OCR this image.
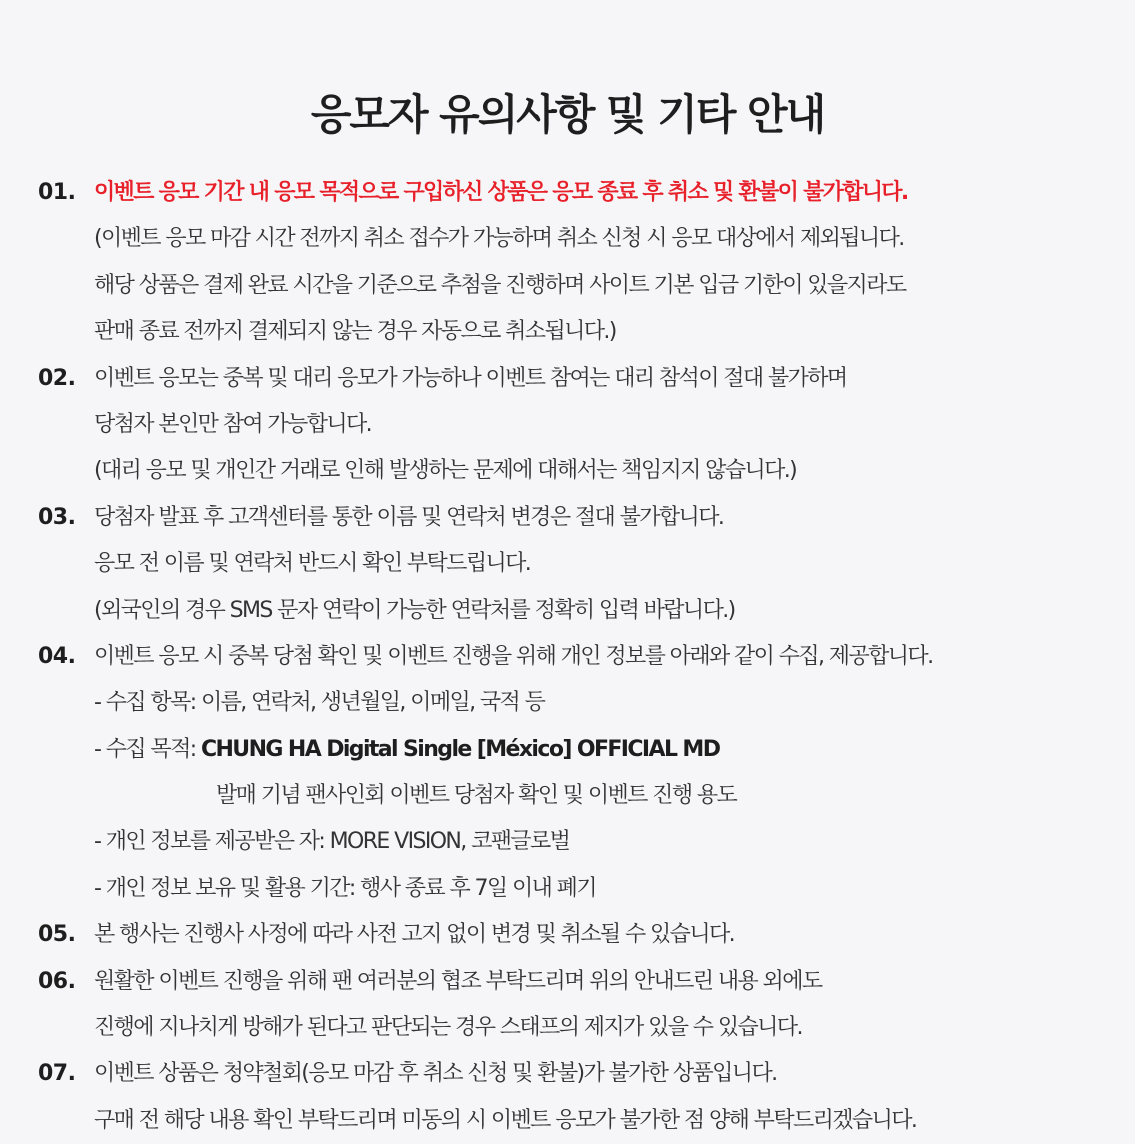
응모자 유의사항 및 기타 안내
01. 이벤트 응모 기간 내 응모 목적으로 구입하신 상품은 응모 종료 후 취소 및 환불이 불가합니다.
(이벤트 응모 마감 시간 전까지 취소 접수가 가능하며 취소 신청 시 응모 대상에서 제외됩니다.
해당 상품은 결제 완료 시간을 기준으로 추첨을 진행하며 사이트 기본 입금 기한이 있을지라도
판매 종료 전까지 결제되지 않는 경우 자동으로 취소됩니다.)
02. 이벤트 응모는 중복 및 대리 응모가 가능하나 이벤트 참여는 대리 참석이 절대 불가하며
당첨자 본인만 참여 가능합니다.
(대리 응모 및 개인간 거래로 인해 발생하는 문제에 대해서는 책임지지 않습니다.)
03. 당첨자 발표 후 고객센터를 통한 이름 및 연락처 변경은 절대 불가합니다.
응모 전 이름 및 연락처 반드시 확인 부탁드립니다.
(외국인의 경우 SMS 문자 연락이 가능한 연락처를 정확히 입력 바랍니다.)
04. 이벤트 응모 시 중복 당첨 확인 및 이벤트 진행을 위해 개인 정보를 아래와 같이 수집, 제공합니다.
- 수집 항목: 이름, 연락처, 생년월일, 이메일, 국적 등
- 수집 목적: CHUNG HA Digital Single [México] OFFICIAL MD
발매 기념 팬사인회 이벤트 당첨자 확인 및 이벤트 진행 용도
- 개인 정보를 제공받은 자: MORE VISION, 코팬글로벌
- 개인 정보 보유 및 활용 기간: 행사 종료 후 7일 이내 폐기
05. 본 행사는 진행사 사정에 따라 사전 고지 없이 변경 및 취소될 수 있습니다.
06. 원활한 이벤트 진행을 위해 팬 여러분의 협조 부탁드리며 위의 안내드린 내용 외에도
진행에 지나치게 방해가 된다고 판단되는 경우 스태프의 제지가 있을 수 있습니다.
07. 이벤트 상품은 청약철회(응모 마감 후 취소 신청 및 환불)가 불가한 상품입니다.
구매 전 해당 내용 확인 부탁드리며 미동의 시 이벤트 응모가 불가한 점 양해 부탁드리겠습니다.
